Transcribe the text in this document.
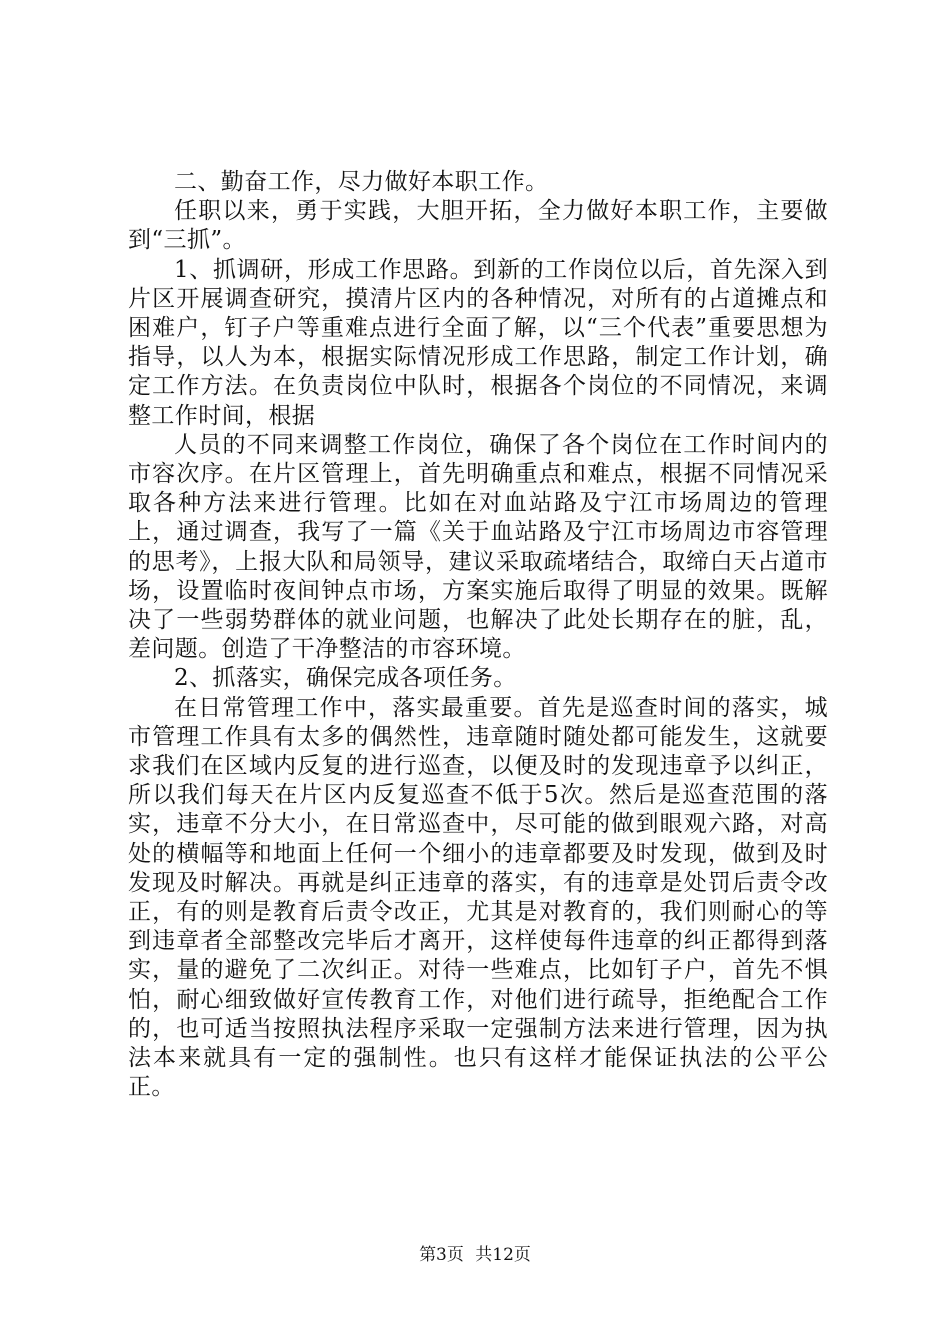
二、勤奋工作，尽力做好本职工作。

任职以来，勇于实践，大胆开拓，全力做好本职工作，主要做到“三抓”。

1、抓调研，形成工作思路。到新的工作岗位以后，首先深入到片区开展调查研究，摸清片区内的各种情况，对所有的占道摊点和困难户，钉子户等重难点进行全面了解，以“三个代表”重要思想为指导，以人为本，根据实际情况形成工作思路，制定工作计划，确定工作方法。在负责岗位中队时，根据各个岗位的不同情况，来调整工作时间，根据

人员的不同来调整工作岗位，确保了各个岗位在工作时间内的市容次序。在片区管理上，首先明确重点和难点，根据不同情况采取各种方法来进行管理。比如在对血站路及宁江市场周边的管理上，通过调查，我写了一篇《关于血站路及宁江市场周边市容管理的思考》，上报大队和局领导，建议采取疏堵结合，取缔白天占道市场，设置临时夜间钟点市场，方案实施后取得了明显的效果。既解决了一些弱势群体的就业问题，也解决了此处长期存在的脏，乱，差问题。创造了干净整洁的市容环境。

2、抓落实，确保完成各项任务。

在日常管理工作中，落实最重要。首先是巡查时间的落实，城市管理工作具有太多的偶然性，违章随时随处都可能发生，这就要求我们在区域内反复的进行巡查，以便及时的发现违章予以纠正，所以我们每天在片区内反复巡查不低于5次。然后是巡查范围的落实，违章不分大小，在日常巡查中，尽可能的做到眼观六路，对高处的横幅等和地面上任何一个细小的违章都要及时发现，做到及时发现及时解决。再就是纠正违章的落实，有的违章是处罚后责令改正，有的则是教育后责令改正，尤其是对教育的，我们则耐心的等到违章者全部整改完毕后才离开，这样使每件违章的纠正都得到落实，量的避免了二次纠正。对待一些难点，比如钉子户，首先不惧怕，耐心细致做好宣传教育工作，对他们进行疏导，拒绝配合工作的，也可适当按照执法程序采取一定强制方法来进行管理，因为执法本来就具有一定的强制性。也只有这样才能保证执法的公平公正。

第3页 共12页
